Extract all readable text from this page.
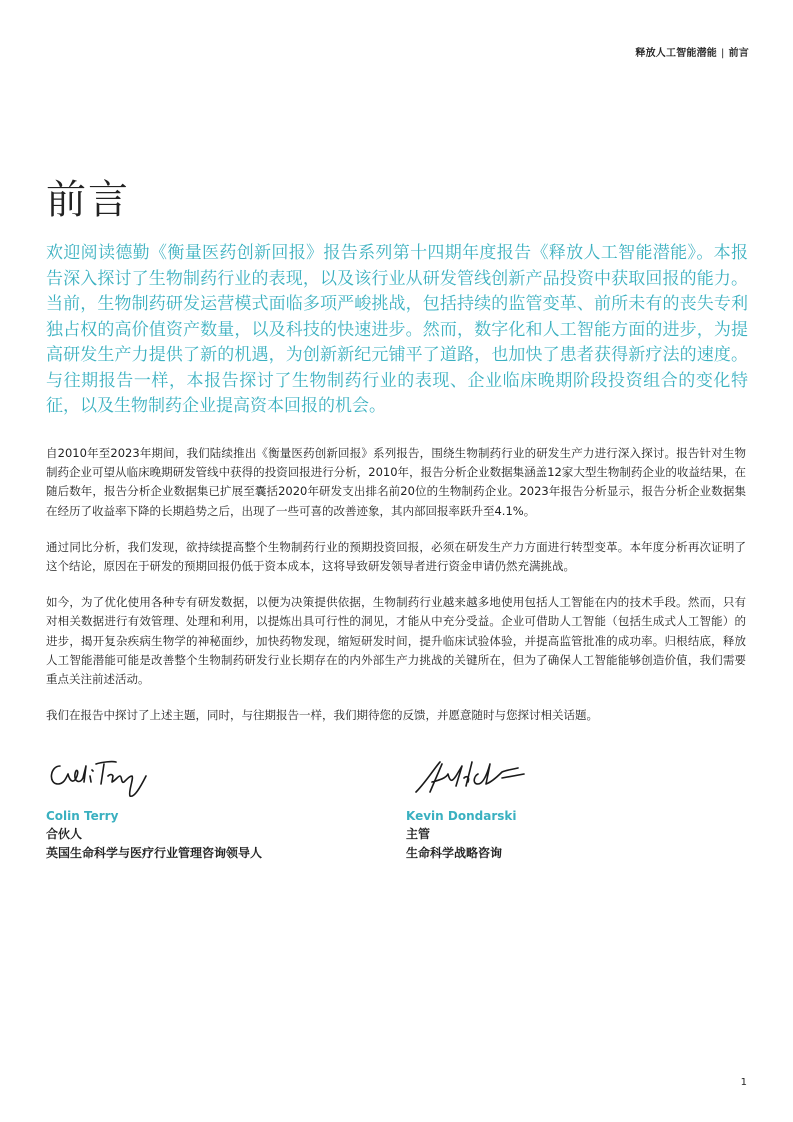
释放人工智能潜能 | 前言
前言

欢迎阅读德勤《衡量医药创新回报》报告系列第十四期年度报告《释放人工智能潜能》。本报告深入探讨了生物制药行业的表现，以及该行业从研发管线创新产品投资中获取回报的能力。当前，生物制药研发运营模式面临多项严峻挑战，包括持续的监管变革、前所未有的丧失专利独占权的高价值资产数量，以及科技的快速进步。然而，数字化和人工智能方面的进步，为提高研发生产力提供了新的机遇，为创新新纪元铺平了道路，也加快了患者获得新疗法的速度。与往期报告一样，本报告探讨了生物制药行业的表现、企业临床晚期阶段投资组合的变化特征，以及生物制药企业提高资本回报的机会。

自2010年至2023年期间，我们陆续推出《衡量医药创新回报》系列报告，围绕生物制药行业的研发生产力进行深入探讨。报告针对生物制药企业可望从临床晚期研发管线中获得的投资回报进行分析，2010年，报告分析企业数据集涵盖12家大型生物制药企业的收益结果，在随后数年，报告分析企业数据集已扩展至囊括2020年研发支出排名前20位的生物制药企业。2023年报告分析显示，报告分析企业数据集在经历了收益率下降的长期趋势之后，出现了一些可喜的改善迹象，其内部回报率跃升至4.1%。

通过同比分析，我们发现，欲持续提高整个生物制药行业的预期投资回报，必须在研发生产力方面进行转型变革。本年度分析再次证明了这个结论，原因在于研发的预期回报仍低于资本成本，这将导致研发领导者进行资金申请仍然充满挑战。

如今，为了优化使用各种专有研发数据，以便为决策提供依据，生物制药行业越来越多地使用包括人工智能在内的技术手段。然而，只有对相关数据进行有效管理、处理和利用，以提炼出具可行性的洞见，才能从中充分受益。企业可借助人工智能（包括生成式人工智能）的进步，揭开复杂疾病生物学的神秘面纱，加快药物发现，缩短研发时间，提升临床试验体验，并提高监管批准的成功率。归根结底，释放人工智能潜能可能是改善整个生物制药研发行业长期存在的内外部生产力挑战的关键所在，但为了确保人工智能能够创造价值，我们需要重点关注前述活动。

我们在报告中探讨了上述主题，同时，与往期报告一样，我们期待您的反馈，并愿意随时与您探讨相关话题。

Colin Terry
合伙人
英国生命科学与医疗行业管理咨询领导人
Kevin Dondarski
主管
生命科学战略咨询
1
